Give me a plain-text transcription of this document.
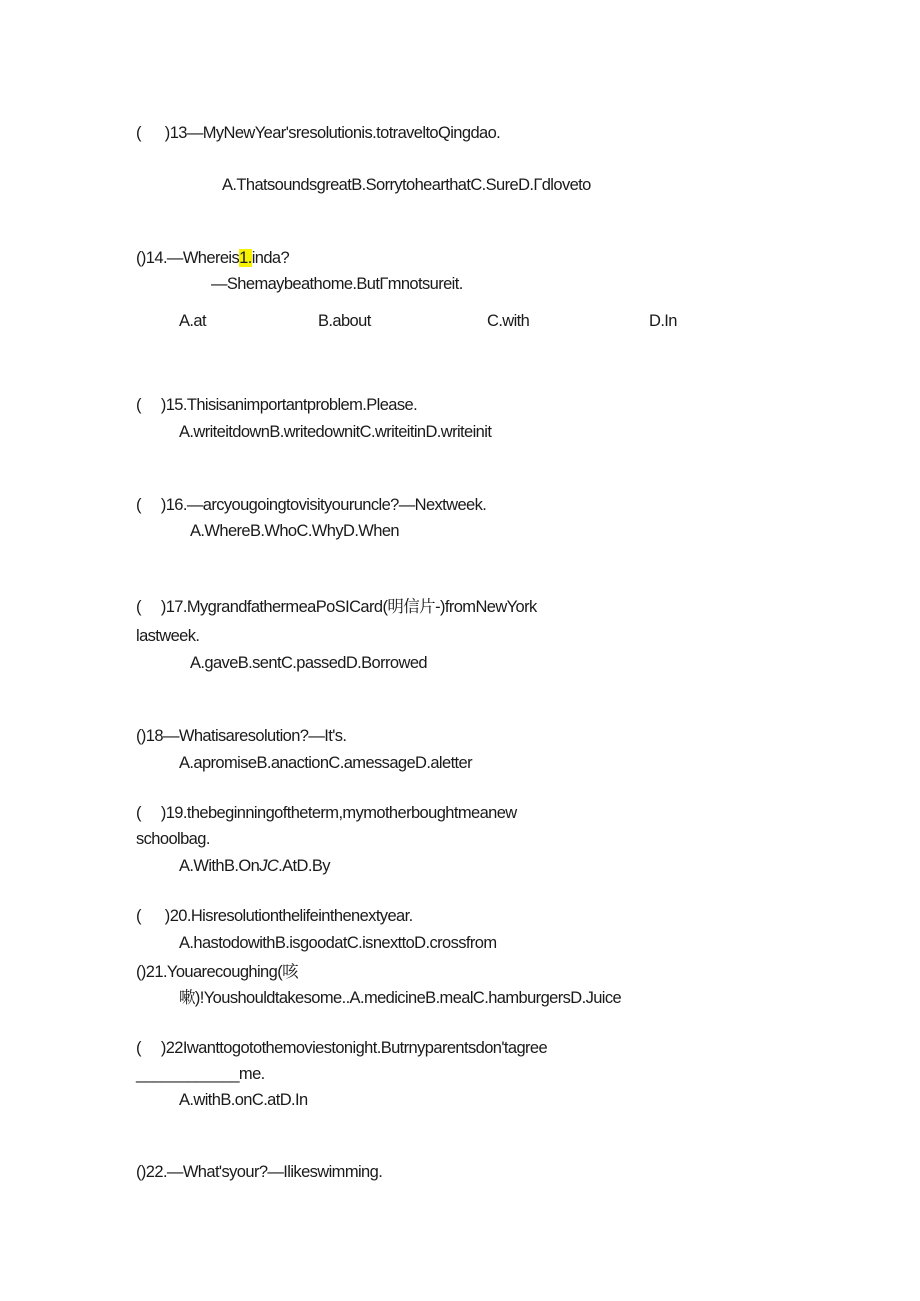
(      )13—MyNewYear'sresolutionis.totraveltoQingdao.
A.ThatsoundsgreatB.SorrytohearthatC.SureD.Гdloveto
()14.—Whereis1.inda?
—Shemaybeathome.ButГmnotsureit.
A.at	B.about	C.with	D.In
(     )15.Thisisanimportantproblem.Please.
A.writeitdownB.writedownitC.writeitinD.writeinit
(     )16.—arcyougoingtovisityouruncle?—Nextweek.
A.WhereB.WhoC.WhyD.When
(     )17.MygrandfathermeaPoSICard(明信片-)fromNewYork
lastweek.
A.gaveB.sentC.passedD.Borrowed
()18—Whatisaresolution?—It's.
A.apromiseB.anactionC.amessageD.aletter
(     )19.thebeginningoftheterm,mymotherboughtmeanew
schoolbag.
A.WithB.OnJC.AtD.By
(      )20.Hisresolutionthelifeinthenextyear.
A.hastodowithB.isgoodatC.isnexttoD.crossfrom
()21.Youarecoughing(咳
嗽)!Youshouldtakesome..A.medicineB.mealC.hamburgersD.Juice
(     )22Iwanttogotothemoviestonight.Butrnyparentsdon'tagree
____________me.
A.withB.onC.atD.In
()22.—What'syour?—Ilikeswimming.
